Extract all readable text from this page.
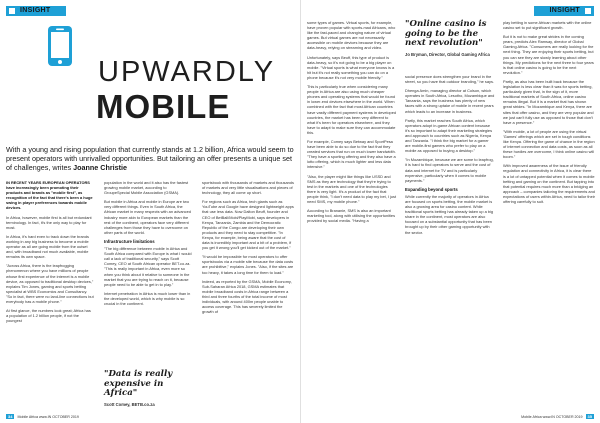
INSIGHT
UPWARDLY
MOBILE
With a young and rising population that currently stands at 1.2 billion, Africa would seem to present operators with unrivalled opportunities. But tailoring an offer presents a unique set of challenges, writes Joanne Christie

IN RECENT YEARS EUROPEAN OPERATORS have increasingly been promoting their products and brands as "mobile first", as recognition of the fact that there's been a huge swing in player preferences towards mobile devices.

In Africa, however, mobile first is all but redundant terminology. In fact, it's the only way to play for most.

In Africa, it's hard even to track down the brands working in any big business to become a mobile operator as all are going mobile from the outset and, with broadband not much available, mobile remains its own space.

"Across Africa, there is the leapfrogging phenomenon where you have millions of people whose first experience of the internet is a mobile device, as opposed to traditional desktop devices," explains Tim Jones, gaming and sports betting specialist at WBS Economics and Consultancy. "So in fact, there were no land-line connections but everybody has a mobile phone."

At first glance, the numbers look great; Africa has a population of 1.2 billion people, if not the youngest

population in the world and it also has the fastest growing mobile market, according to GroupeSpecial Mobile Association (GSMA).

But mobile in Africa and mobile in Europe are two very different things. Even in South Africa, the African market in many respects with an advanced industry more akin to European markets than the rest of the continent, operators face very different challenges from those they have to overcome on other parts of the world.

Infrastructure limitations

"The big difference between mobile in Africa and South Africa compared with Europe is what I would call a lack of traditional security," says Scott Comey, CEO at South African operator BET.co.za. "This is really important in Africa, even more so when you think about it relative to someone in the market that you are trying to reach on it, because people need to be able to get in to play."

Internet penetration in Africa is much lower than in the developed world, which is why mobile is so crucial in the continent.

"Data is really expensive in Africa"
Scott Comey, BETB.co.za

sportsbook with thousands of markets and thousands of markets and very little visualisations and pieces of technology, they all come up short.

For regions such as Africa, tech giants such as YouTube and Google have designed lightweight apps that use less data. Now Dalton Beuff, founder and CEO of BetBall/Mobi/PlayMobi, says developers in Kenya, Tanzania, Zambia and the Democratic Republic of the Congo are developing their own products and they need to stay competitive. "In Kenya, for example, being aware that the cost of data is incredibly important and a bit of a problem, if you get it wrong you'll get kicked out of the market."

"It would be impossible for most operators to offer sportsbooks via a mobile site because the data costs are prohibitive," explains Jones. "Also, if the sites are too heavy, it takes a long time for them to load."

Indeed, as reported by the GSMA, Mobile Economy, Sub-Saharan Africa 2018, GSMA estimates that mobile broadband costs in Africa range between a third and three fourths of the total income of most individuals, with around 400m people unable to access coverage. This has severely limited the growth of

34	Mobile Africa www.IN OCTOBER 2019
INSIGHT

some types of games. Virtual sports, for example, have proven popular with sports-mad Africans, who like the fast-paced and changing nature of virtual games. But virtual games are not necessarily accessible on mobile devices because they are data-heavy, relying on streaming and video.

Unfortunately, says Beuff, this type of product is data-heavy, so it's not going to be a big player on mobile. "Virtual sports is what everyone knows is a hit but it's not really something you can do on a phone because it's not very mobile friendly."

This is particularly true when considering many people in Africa are also using much cheaper phones and operating systems that would be found in lower-end devices elsewhere in the world. When combined with the fact that most African countries have vastly different payment systems in developed countries, the market has been very different to what it's been for operators elsewhere, and they have to adapt to make sure they can accommodate this.

For example, Comey says Betway and SportPesa have been able to do so due to the fact that they created services that run on much lower bandwidth. "They have a sporting offering and they also have a lotto offering, which is much lighter and less data intensive."

"Also, the player might like things like USSD and SMS as they are technology that they're trying to test in the markets and one of the technologies there is very light. It's a product of the fact that people think, "I don't need data to play my bet, I just need SMS, my mobile phone."

According to Brananie, SMS is also an important marketing tool, along with utilising the opportunities provided by social media. "Having a

"Online casino is going to be the next revolution"
Jo Bryman, Director, Global Gaming Africa

social presence does strengthen your brand in the street, so you have that outdoor branding," he says.

Dhenga Amin, managing director at Colson, which operates in South Africa, Lesotho, Mozambique and Tanzania, says the business has plenty of new faces with a strong uptake of mobile in recent years which leads to an increase in business.

Partly, this market reaches South Africa, which operators adopt in-game African content because it's so important to adapt their marketing strategies and approach to countries such as Nigeria, Kenya and Tanzania. "I think the big market for a gamer are mobile-first gamers who prefer to play on a mobile as opposed to buying a desktop."

"In Mozambique, because we are some to leapfrog, it is hard to find operators to serve and the cost of data and internet for TV and is particularly expensive, particularly when it comes to mobile payments."

Expanding beyond sports

While currently the majority of operators in Africa are focused on sports betting, the mobile market is also a growing area for casino content. While traditional sports betting has already taken up a big share in the continent, most operators are also focused on a substantial opportunity that has been brought up by their other gaming opportunity with the sector.

play betting in some African markets with the online casino set to put significant growth.

But it is not to make great strides in the coming years, predicts Alex Ramsay, director of Global Gaming Africa. "Consumers are really looking for the next thing. They are enjoying their sports betting, but you can see they are slowly learning about other things. My predictions for the next three to four years is that online casino is going to be the next revolution."

Partly, as also has been built back because the legislation is less clear than it was for sports betting, particularly given that, in the sign of it, more traditional markets of South Africa, online casino remains illegal. But it is a market that has shown great strides. "In Mozambique and Kenya, there are sites that offer casino, and they are very popular and we just can't fully use as opposed to those that don't have a presence."

"With mobile, a lot of people are using the virtual 'Games' offerings which are set in tough conditions like Kenya. Offering the game of chance in the region of internet connection and data costs, as soon as all these hurdles are overcome, I think online casino will boom."

With improved awareness of the issue of friendly regulation and connectivity in Africa, it is clear there is a lot of untapped potential when it comes to mobile betting and gaming on the continent. But tapping into that potential requires much more than a bridging an approach – companies tailoring the requirements and expectations of users within Africa, need to tailor their offering carefully to suit.

Mobile Africa www.IN OCTOBER 2019	35
